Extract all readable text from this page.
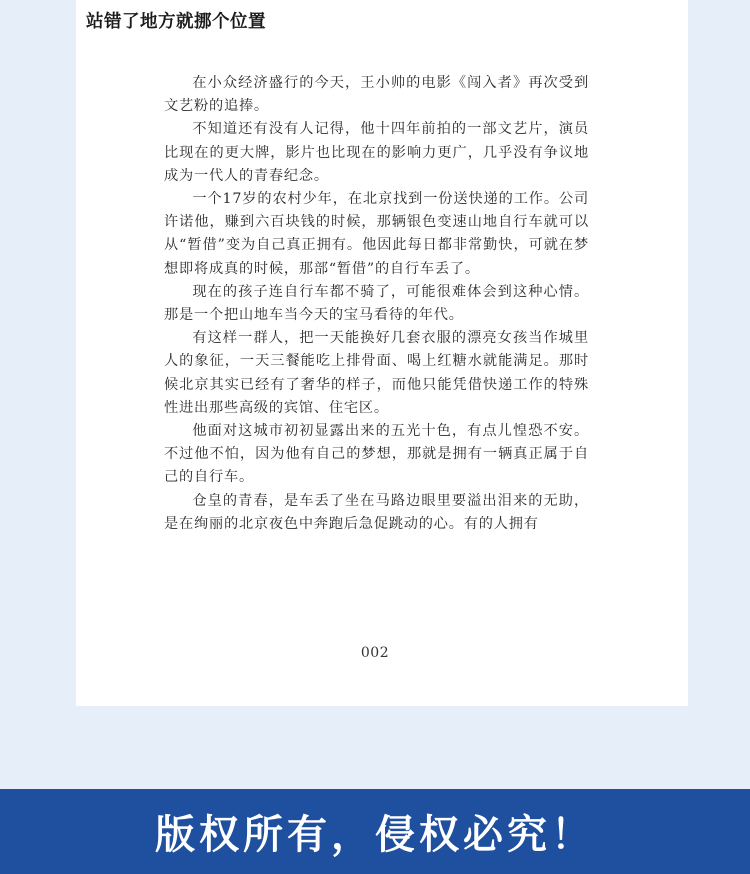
站错了地方就挪个位置

在小众经济盛行的今天，王小帅的电影《闯入者》再次受到文艺粉的追捧。

不知道还有没有人记得，他十四年前拍的一部文艺片，演员比现在的更大牌，影片也比现在的影响力更广，几乎没有争议地成为一代人的青春纪念。

一个17岁的农村少年，在北京找到一份送快递的工作。公司许诺他，赚到六百块钱的时候，那辆银色变速山地自行车就可以从“暂借”变为自己真正拥有。他因此每日都非常勤快，可就在梦想即将成真的时候，那部“暂借”的自行车丢了。

现在的孩子连自行车都不骑了，可能很难体会到这种心情。那是一个把山地车当今天的宝马看待的年代。

有这样一群人，把一天能换好几套衣服的漂亮女孩当作城里人的象征，一天三餐能吃上排骨面、喝上红糖水就能满足。那时候北京其实已经有了奢华的样子，而他只能凭借快递工作的特殊性进出那些高级的宾馆、住宅区。

他面对这城市初初显露出来的五光十色，有点儿惶恐不安。不过他不怕，因为他有自己的梦想，那就是拥有一辆真正属于自己的自行车。

仓皇的青春，是车丢了坐在马路边眼里要溢出泪来的无助，是在绚丽的北京夜色中奔跑后急促跳动的心。有的人拥有

002
版权所有，侵权必究！
